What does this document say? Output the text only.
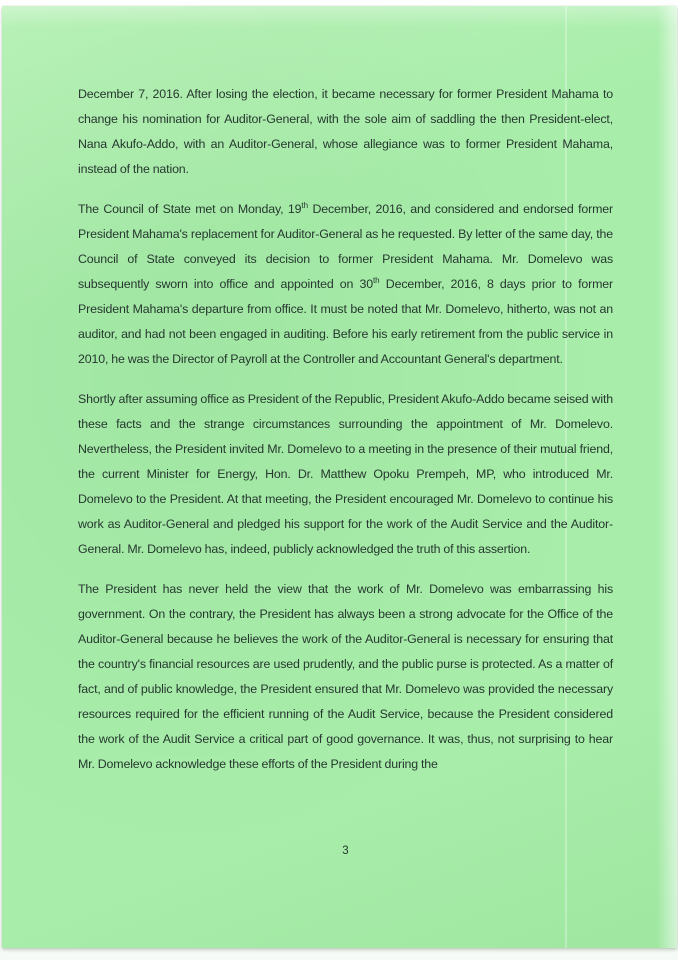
December 7, 2016. After losing the election, it became necessary for former President Mahama to change his nomination for Auditor-General, with the sole aim of saddling the then President-elect, Nana Akufo-Addo, with an Auditor-General, whose allegiance was to former President Mahama, instead of the nation.

The Council of State met on Monday, 19th December, 2016, and considered and endorsed former President Mahama's replacement for Auditor-General as he requested. By letter of the same day, the Council of State conveyed its decision to former President Mahama. Mr. Domelevo was subsequently sworn into office and appointed on 30th December, 2016, 8 days prior to former President Mahama's departure from office. It must be noted that Mr. Domelevo, hitherto, was not an auditor, and had not been engaged in auditing. Before his early retirement from the public service in 2010, he was the Director of Payroll at the Controller and Accountant General's department.

Shortly after assuming office as President of the Republic, President Akufo-Addo became seised with these facts and the strange circumstances surrounding the appointment of Mr. Domelevo. Nevertheless, the President invited Mr. Domelevo to a meeting in the presence of their mutual friend, the current Minister for Energy, Hon. Dr. Matthew Opoku Prempeh, MP, who introduced Mr. Domelevo to the President. At that meeting, the President encouraged Mr. Domelevo to continue his work as Auditor-General and pledged his support for the work of the Audit Service and the Auditor-General. Mr. Domelevo has, indeed, publicly acknowledged the truth of this assertion.

The President has never held the view that the work of Mr. Domelevo was embarrassing his government. On the contrary, the President has always been a strong advocate for the Office of the Auditor-General because he believes the work of the Auditor-General is necessary for ensuring that the country's financial resources are used prudently, and the public purse is protected. As a matter of fact, and of public knowledge, the President ensured that Mr. Domelevo was provided the necessary resources required for the efficient running of the Audit Service, because the President considered the work of the Audit Service a critical part of good governance. It was, thus, not surprising to hear Mr. Domelevo acknowledge these efforts of the President during the

3
